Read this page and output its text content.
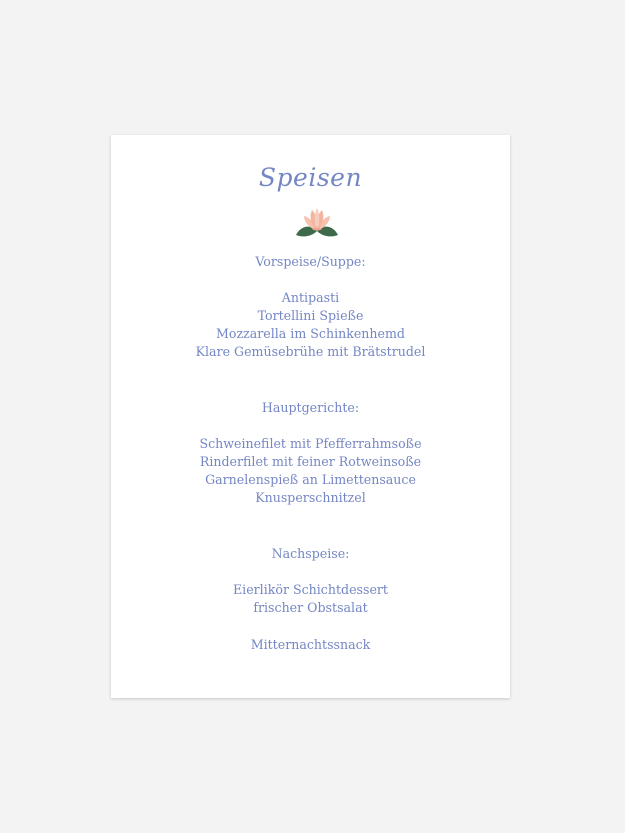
Speisen
Vorspeise/Suppe:
Antipasti
Tortellini Spieße
Mozzarella im Schinkenhemd
Klare Gemüsebrühe mit Brätstrudel
Hauptgerichte:
Schweinefilet mit Pfefferrahmsoße
Rinderfilet mit feiner Rotweinsoße
Garnelenspieß an Limettensauce
Knusperschnitzel
Nachspeise:
Eierlikör Schichtdessert
frischer Obstsalat
Mitternachtssnack
